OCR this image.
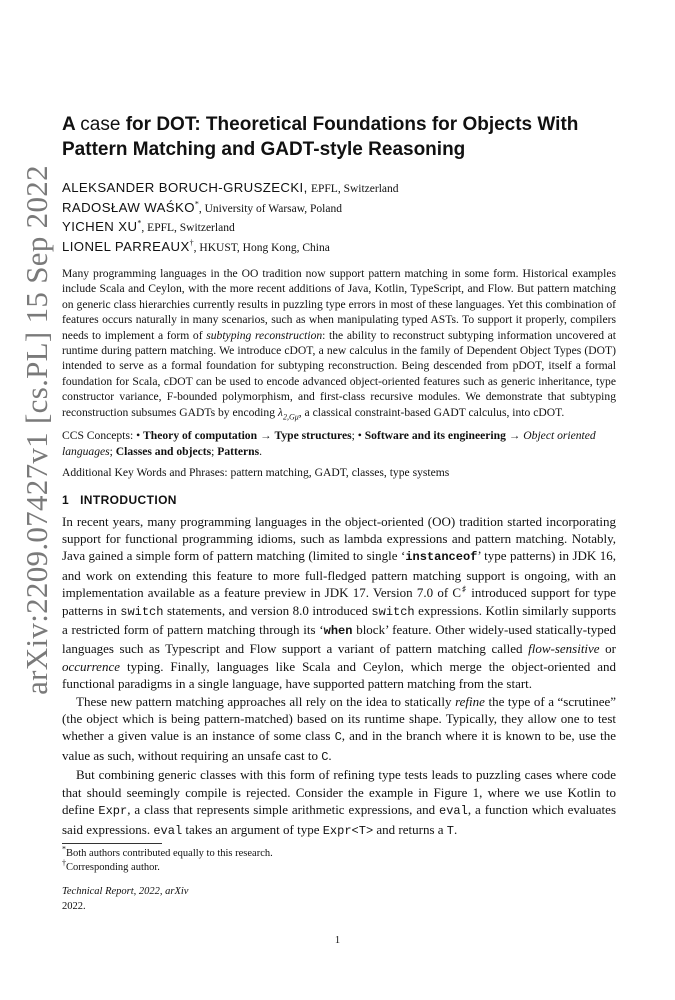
arXiv:2209.07427v1 [cs.PL] 15 Sep 2022
A case for DOT: Theoretical Foundations for Objects With Pattern Matching and GADT-style Reasoning
ALEKSANDER BORUCH-GRUSZECKI, EPFL, Switzerland
RADOSŁAW WAŚKO*, University of Warsaw, Poland
YICHEN XU*, EPFL, Switzerland
LIONEL PARREAUX†, HKUST, Hong Kong, China
Many programming languages in the OO tradition now support pattern matching in some form. Historical examples include Scala and Ceylon, with the more recent additions of Java, Kotlin, TypeScript, and Flow. But pattern matching on generic class hierarchies currently results in puzzling type errors in most of these languages. Yet this combination of features occurs naturally in many scenarios, such as when manipulating typed ASTs. To support it properly, compilers needs to implement a form of subtyping reconstruction: the ability to reconstruct subtyping information uncovered at runtime during pattern matching. We introduce cDOT, a new calculus in the family of Dependent Object Types (DOT) intended to serve as a formal foundation for subtyping reconstruction. Being descended from pDOT, itself a formal foundation for Scala, cDOT can be used to encode advanced object-oriented features such as generic inheritance, type constructor variance, F-bounded polymorphism, and first-class recursive modules. We demonstrate that subtyping reconstruction subsumes GADTs by encoding $\lambda_{2,G\mu}$, a classical constraint-based GADT calculus, into cDOT.
CCS Concepts: • Theory of computation → Type structures; • Software and its engineering → Object oriented languages; Classes and objects; Patterns.
Additional Key Words and Phrases: pattern matching, GADT, classes, type systems
1 INTRODUCTION

In recent years, many programming languages in the object-oriented (OO) tradition started incorporating support for functional programming idioms, such as lambda expressions and pattern matching. Notably, Java gained a simple form of pattern matching (limited to single ‘instanceof’ type patterns) in JDK 16, and work on extending this feature to more full-fledged pattern matching support is ongoing, with an implementation available as a feature preview in JDK 17. Version 7.0 of C♯ introduced support for type patterns in switch statements, and version 8.0 introduced switch expressions. Kotlin similarly supports a restricted form of pattern matching through its ‘when block’ feature. Other widely-used statically-typed languages such as Typescript and Flow support a variant of pattern matching called flow-sensitive or occurrence typing. Finally, languages like Scala and Ceylon, which merge the object-oriented and functional paradigms in a single language, have supported pattern matching from the start.

These new pattern matching approaches all rely on the idea to statically refine the type of a “scrutinee” (the object which is being pattern-matched) based on its runtime shape. Typically, they allow one to test whether a given value is an instance of some class C, and in the branch where it is known to be, use the value as such, without requiring an unsafe cast to C.

But combining generic classes with this form of refining type tests leads to puzzling cases where code that should seemingly compile is rejected. Consider the example in Figure 1, where we use Kotlin to define Expr, a class that represents simple arithmetic expressions, and eval, a function which evaluates said expressions. eval takes an argument of type Expr<T> and returns a T.

*Both authors contributed equally to this research.
†Corresponding author.
Technical Report, 2022, arXiv
2022.
1
